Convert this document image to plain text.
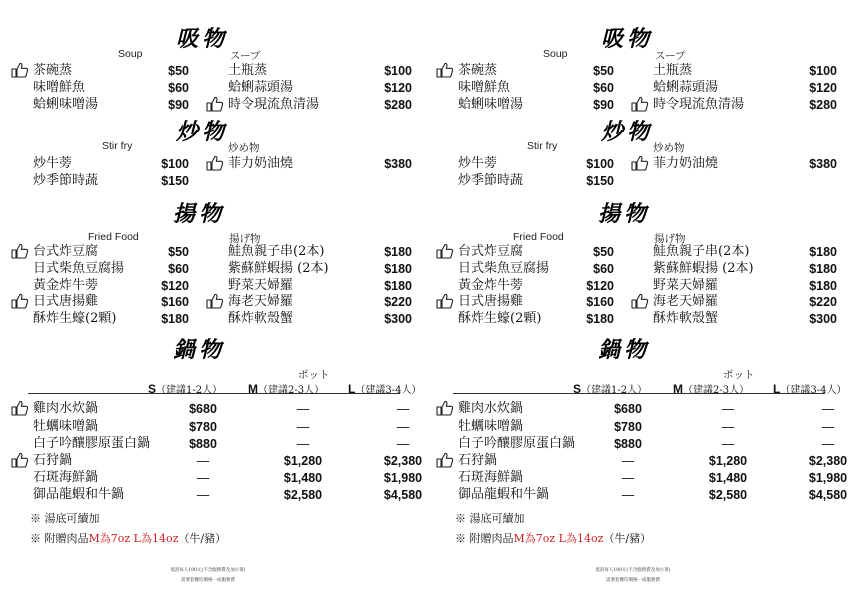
吸物
Soup	スープ
茶碗蒸	$50
味噌鮮魚	$60
蛤蜊味噌湯	$90
土瓶蒸	$100
蛤蜊蒜頭湯	$120
時令現流魚清湯	$280
炒物
Stir fry	炒め物
炒牛蒡	$100
炒季節時蔬	$150
菲力奶油燒	$380
揚物
Fried Food	揚げ物
台式炸豆腐	$50
日式柴魚豆腐揚	$60
黃金炸牛蒡	$120
日式唐揚雞	$160
酥炸生蠔(2顆)	$180
鮭魚親子串(2本)	$180
紫蘇鮮蝦揚 (2本)	$180
野菜天婦羅	$180
海老天婦羅	$220
酥炸軟殼蟹	$300
鍋物
ポット
S（建議1-2人） M（建議2-3人） L（建議3-4人）
雞肉水炊鍋	$680	—	—
牡蠣味噌鍋	$780	—	—
白子吟釀膠原蛋白鍋	$880	—	—
石狩鍋	—	$1,280	$2,380
石斑海鮮鍋	—	$1,480	$1,980
御品龍蝦和牛鍋	—	$2,580	$4,580
※ 湯底可續加
※ 附贈肉品M為7oz L為14oz（牛/豬）
低消每人100元(不含服務費及加小菜)
需要套餐均價格一成服務費
吸物
Soup	スープ
茶碗蒸	$50
味噌鮮魚	$60
蛤蜊味噌湯	$90
土瓶蒸	$100
蛤蜊蒜頭湯	$120
時令現流魚清湯	$280
炒物
Stir fry	炒め物
炒牛蒡	$100
炒季節時蔬	$150
菲力奶油燒	$380
揚物
Fried Food	揚げ物
台式炸豆腐	$50
日式柴魚豆腐揚	$60
黃金炸牛蒡	$120
日式唐揚雞	$160
酥炸生蠔(2顆)	$180
鮭魚親子串(2本)	$180
紫蘇鮮蝦揚 (2本)	$180
野菜天婦羅	$180
海老天婦羅	$220
酥炸軟殼蟹	$300
鍋物
ポット
S（建議1-2人） M（建議2-3人） L（建議3-4人）
雞肉水炊鍋	$680	—	—
牡蠣味噌鍋	$780	—	—
白子吟釀膠原蛋白鍋	$880	—	—
石狩鍋	—	$1,280	$2,380
石斑海鮮鍋	—	$1,480	$1,980
御品龍蝦和牛鍋	—	$2,580	$4,580
※ 湯底可續加
※ 附贈肉品M為7oz L為14oz（牛/豬）
低消每人100元(不含服務費及加小菜)
需要套餐均價格一成服務費
